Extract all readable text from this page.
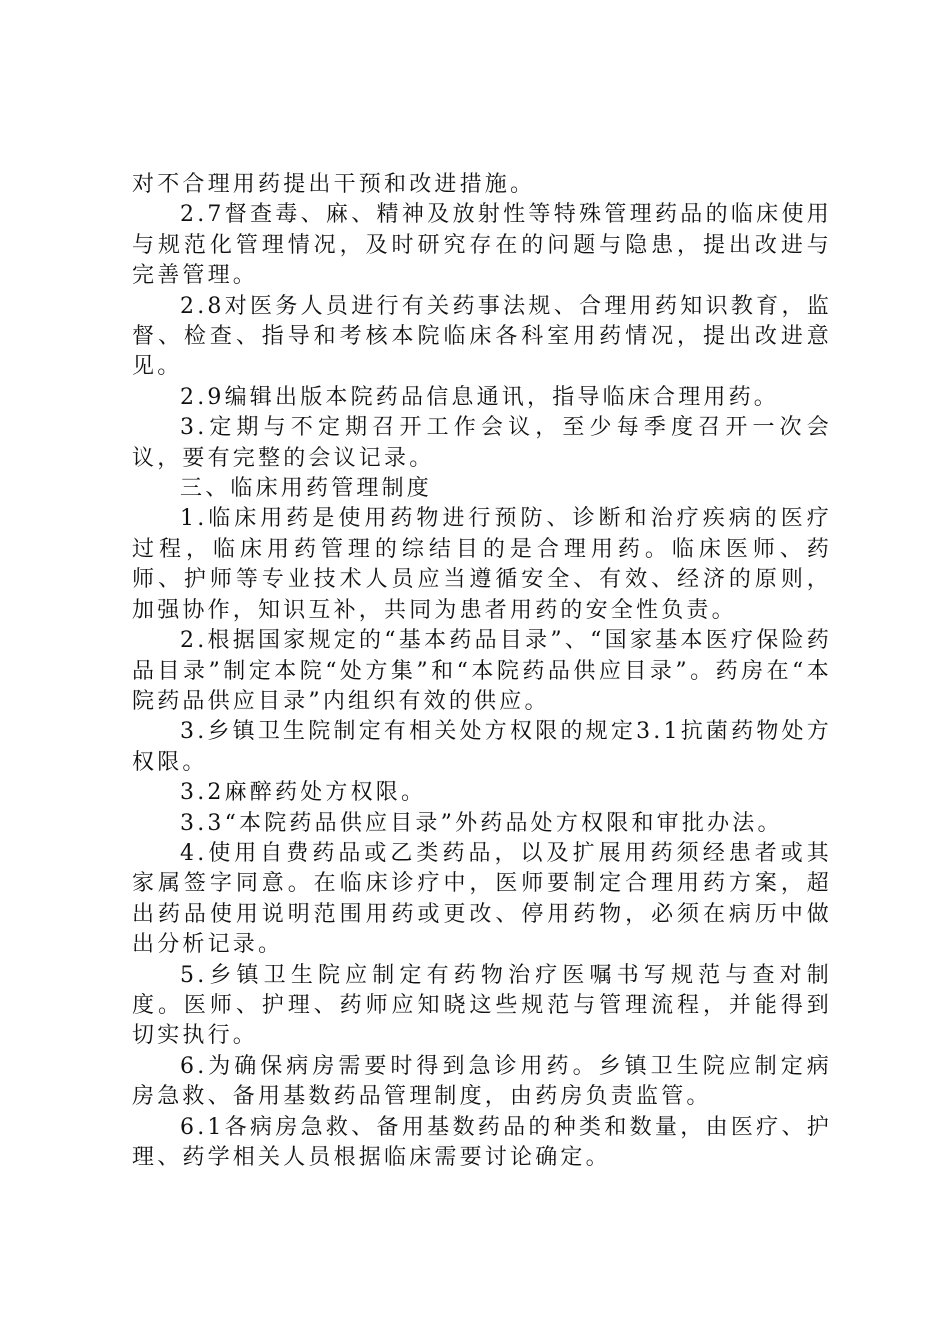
对不合理用药提出干预和改进措施。

2.7督查毒、麻、精神及放射性等特殊管理药品的临床使用与规范化管理情况，及时研究存在的问题与隐患，提出改进与完善管理。

2.8对医务人员进行有关药事法规、合理用药知识教育，监督、检查、指导和考核本院临床各科室用药情况，提出改进意见。

2.9编辑出版本院药品信息通讯，指导临床合理用药。

3.定期与不定期召开工作会议，至少每季度召开一次会议，要有完整的会议记录。

三、临床用药管理制度

1.临床用药是使用药物进行预防、诊断和治疗疾病的医疗过程，临床用药管理的综结目的是合理用药。临床医师、药师、护师等专业技术人员应当遵循安全、有效、经济的原则，加强协作，知识互补，共同为患者用药的安全性负责。

2.根据国家规定的“基本药品目录”、“国家基本医疗保险药品目录”制定本院“处方集”和“本院药品供应目录”。药房在“本院药品供应目录”内组织有效的供应。

3.乡镇卫生院制定有相关处方权限的规定3.1抗菌药物处方权限。

3.2麻醉药处方权限。

3.3“本院药品供应目录”外药品处方权限和审批办法。

4.使用自费药品或乙类药品，以及扩展用药须经患者或其家属签字同意。在临床诊疗中，医师要制定合理用药方案，超出药品使用说明范围用药或更改、停用药物，必须在病历中做出分析记录。

5.乡镇卫生院应制定有药物治疗医嘱书写规范与查对制度。医师、护理、药师应知晓这些规范与管理流程，并能得到切实执行。

6.为确保病房需要时得到急诊用药。乡镇卫生院应制定病房急救、备用基数药品管理制度，由药房负责监管。

6.1各病房急救、备用基数药品的种类和数量，由医疗、护理、药学相关人员根据临床需要讨论确定。
